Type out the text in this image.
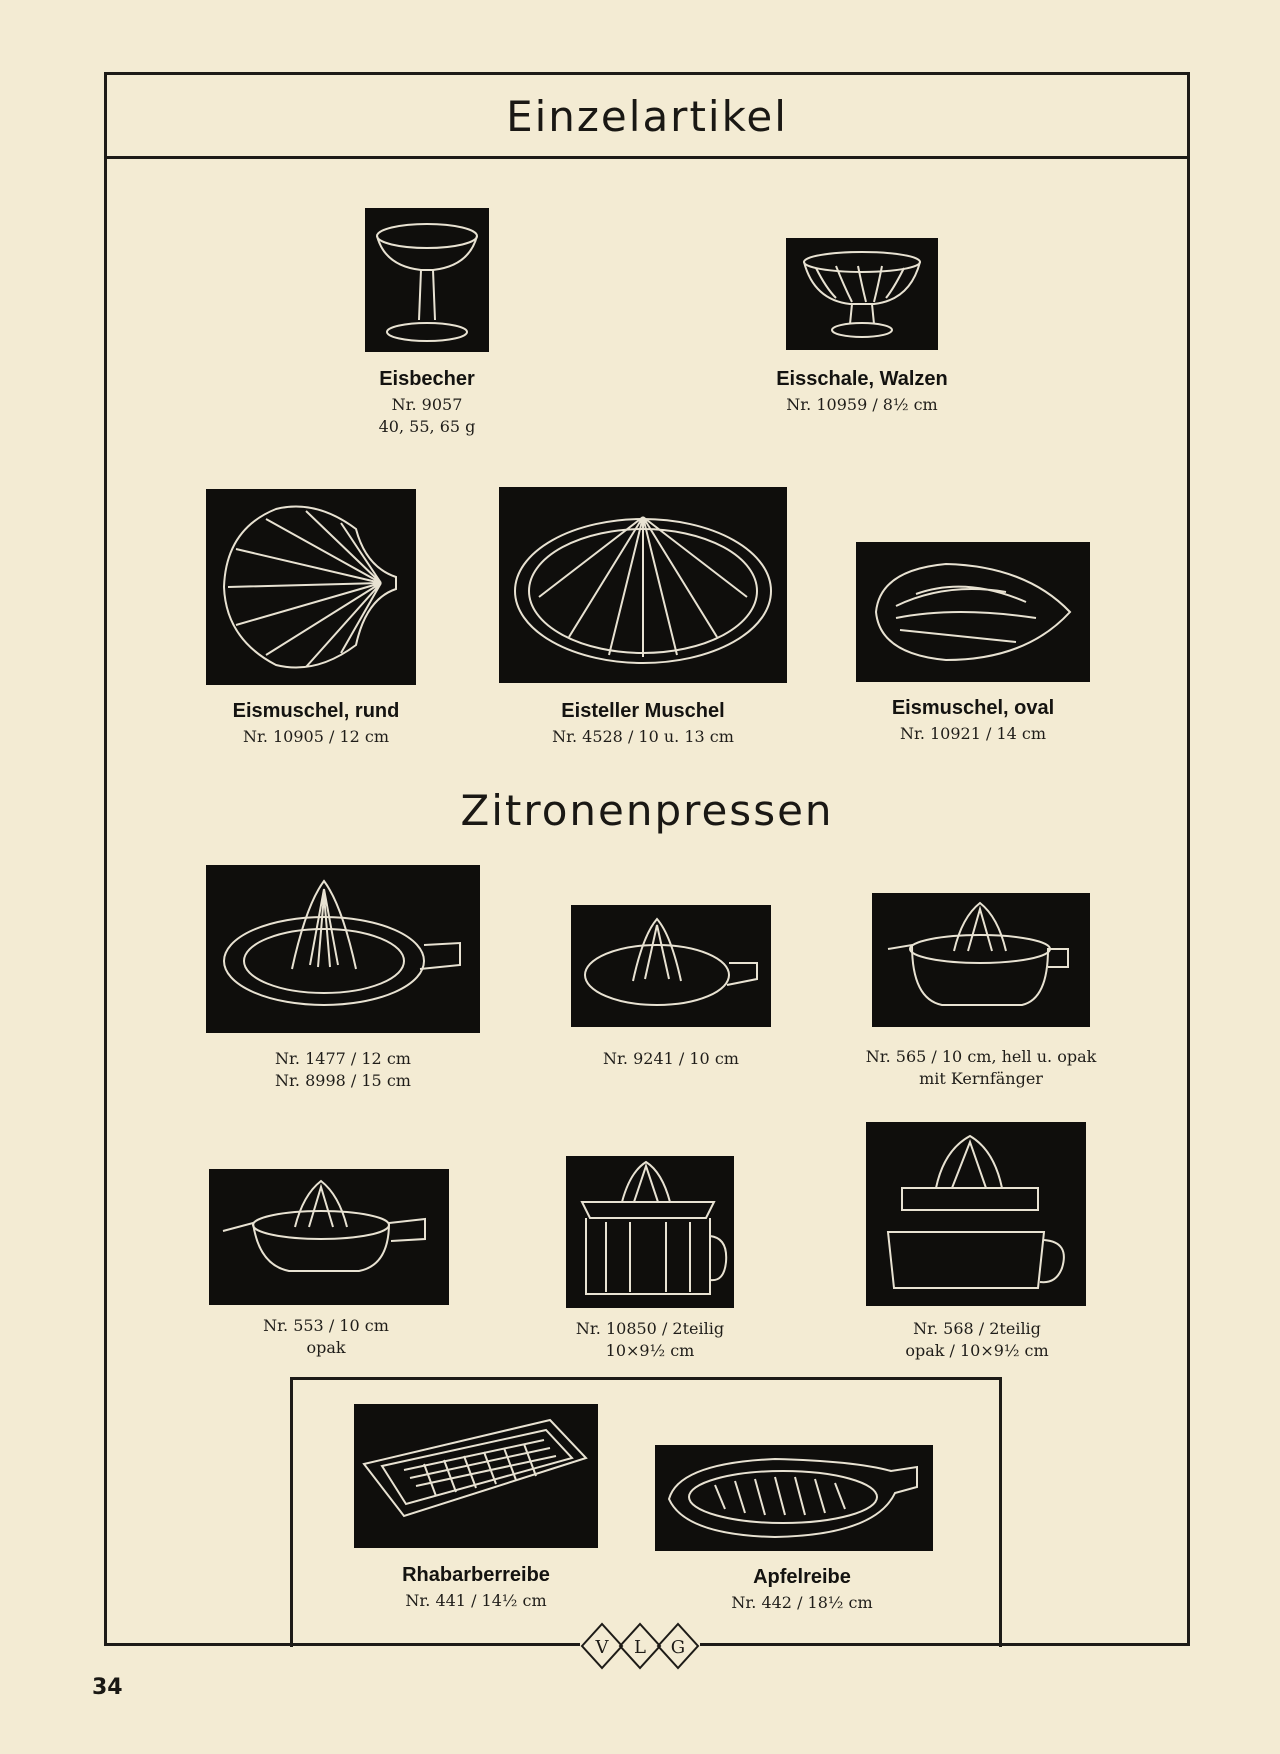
Einzelartikel
Eisbecher
Nr. 9057
40, 55, 65 g
Eisschale, Walzen
Nr. 10959 / 8½ cm
Eismuschel, rund
Nr. 10905 / 12 cm
Eisteller Muschel
Nr. 4528 / 10 u. 13 cm
Eismuschel, oval
Nr. 10921 / 14 cm
Zitronenpressen
Nr. 1477 / 12 cm
Nr. 8998 / 15 cm
Nr. 9241 / 10 cm	Nr. 565 / 10 cm, hell u. opak
mit Kernfänger
Nr. 553 / 10 cm
opak
Nr. 10850 / 2teilig
10×9½ cm
Nr. 568 / 2teilig
opak / 10×9½ cm
Rhabarberreibe
Nr. 441 / 14½ cm
Apfelreibe
Nr. 442 / 18½ cm
V L G
34
